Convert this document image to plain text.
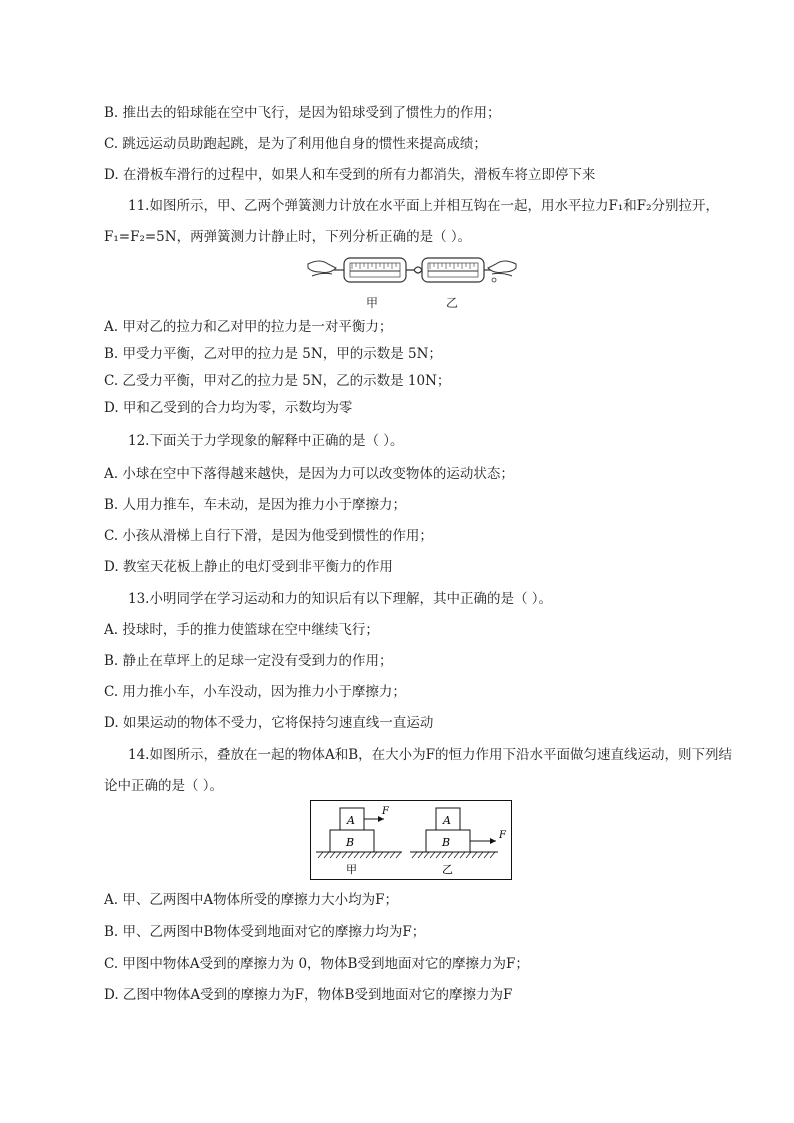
B. 推出去的铅球能在空中飞行，是因为铅球受到了惯性力的作用；
C. 跳远运动员助跑起跳，是为了利用他自身的惯性来提高成绩；
D. 在滑板车滑行的过程中，如果人和车受到的所有力都消失，滑板车将立即停下来
11.如图所示，甲、乙两个弹簧测力计放在水平面上并相互钩在一起，用水平拉力F₁和F₂分别拉开，
F₁=F₂=5N，两弹簧测力计静止时，下列分析正确的是（ ）。
甲	乙
A. 甲对乙的拉力和乙对甲的拉力是一对平衡力；
B. 甲受力平衡，乙对甲的拉力是 5N，甲的示数是 5N；
C. 乙受力平衡，甲对乙的拉力是 5N，乙的示数是 10N；
D. 甲和乙受到的合力均为零，示数均为零
12.下面关于力学现象的解释中正确的是（ ）。
A. 小球在空中下落得越来越快，是因为力可以改变物体的运动状态；
B. 人用力推车，车未动，是因为推力小于摩擦力；
C. 小孩从滑梯上自行下滑，是因为他受到惯性的作用；
D. 教室天花板上静止的电灯受到非平衡力的作用
13.小明同学在学习运动和力的知识后有以下理解，其中正确的是（ ）。
A. 投球时，手的推力使篮球在空中继续飞行；
B. 静止在草坪上的足球一定没有受到力的作用；
C. 用力推小车，小车没动，因为推力小于摩擦力；
D. 如果运动的物体不受力，它将保持匀速直线一直运动
14.如图所示，叠放在一起的物体A和B，在大小为F的恒力作用下沿水平面做匀速直线运动，则下列结
论中正确的是（ ）。
A
B
F
A
B
F
甲	乙
A. 甲、乙两图中A物体所受的摩擦力大小均为F；
B. 甲、乙两图中B物体受到地面对它的摩擦力均为F；
C. 甲图中物体A受到的摩擦力为 0，物体B受到地面对它的摩擦力为F；
D. 乙图中物体A受到的摩擦力为F，物体B受到地面对它的摩擦力为F
